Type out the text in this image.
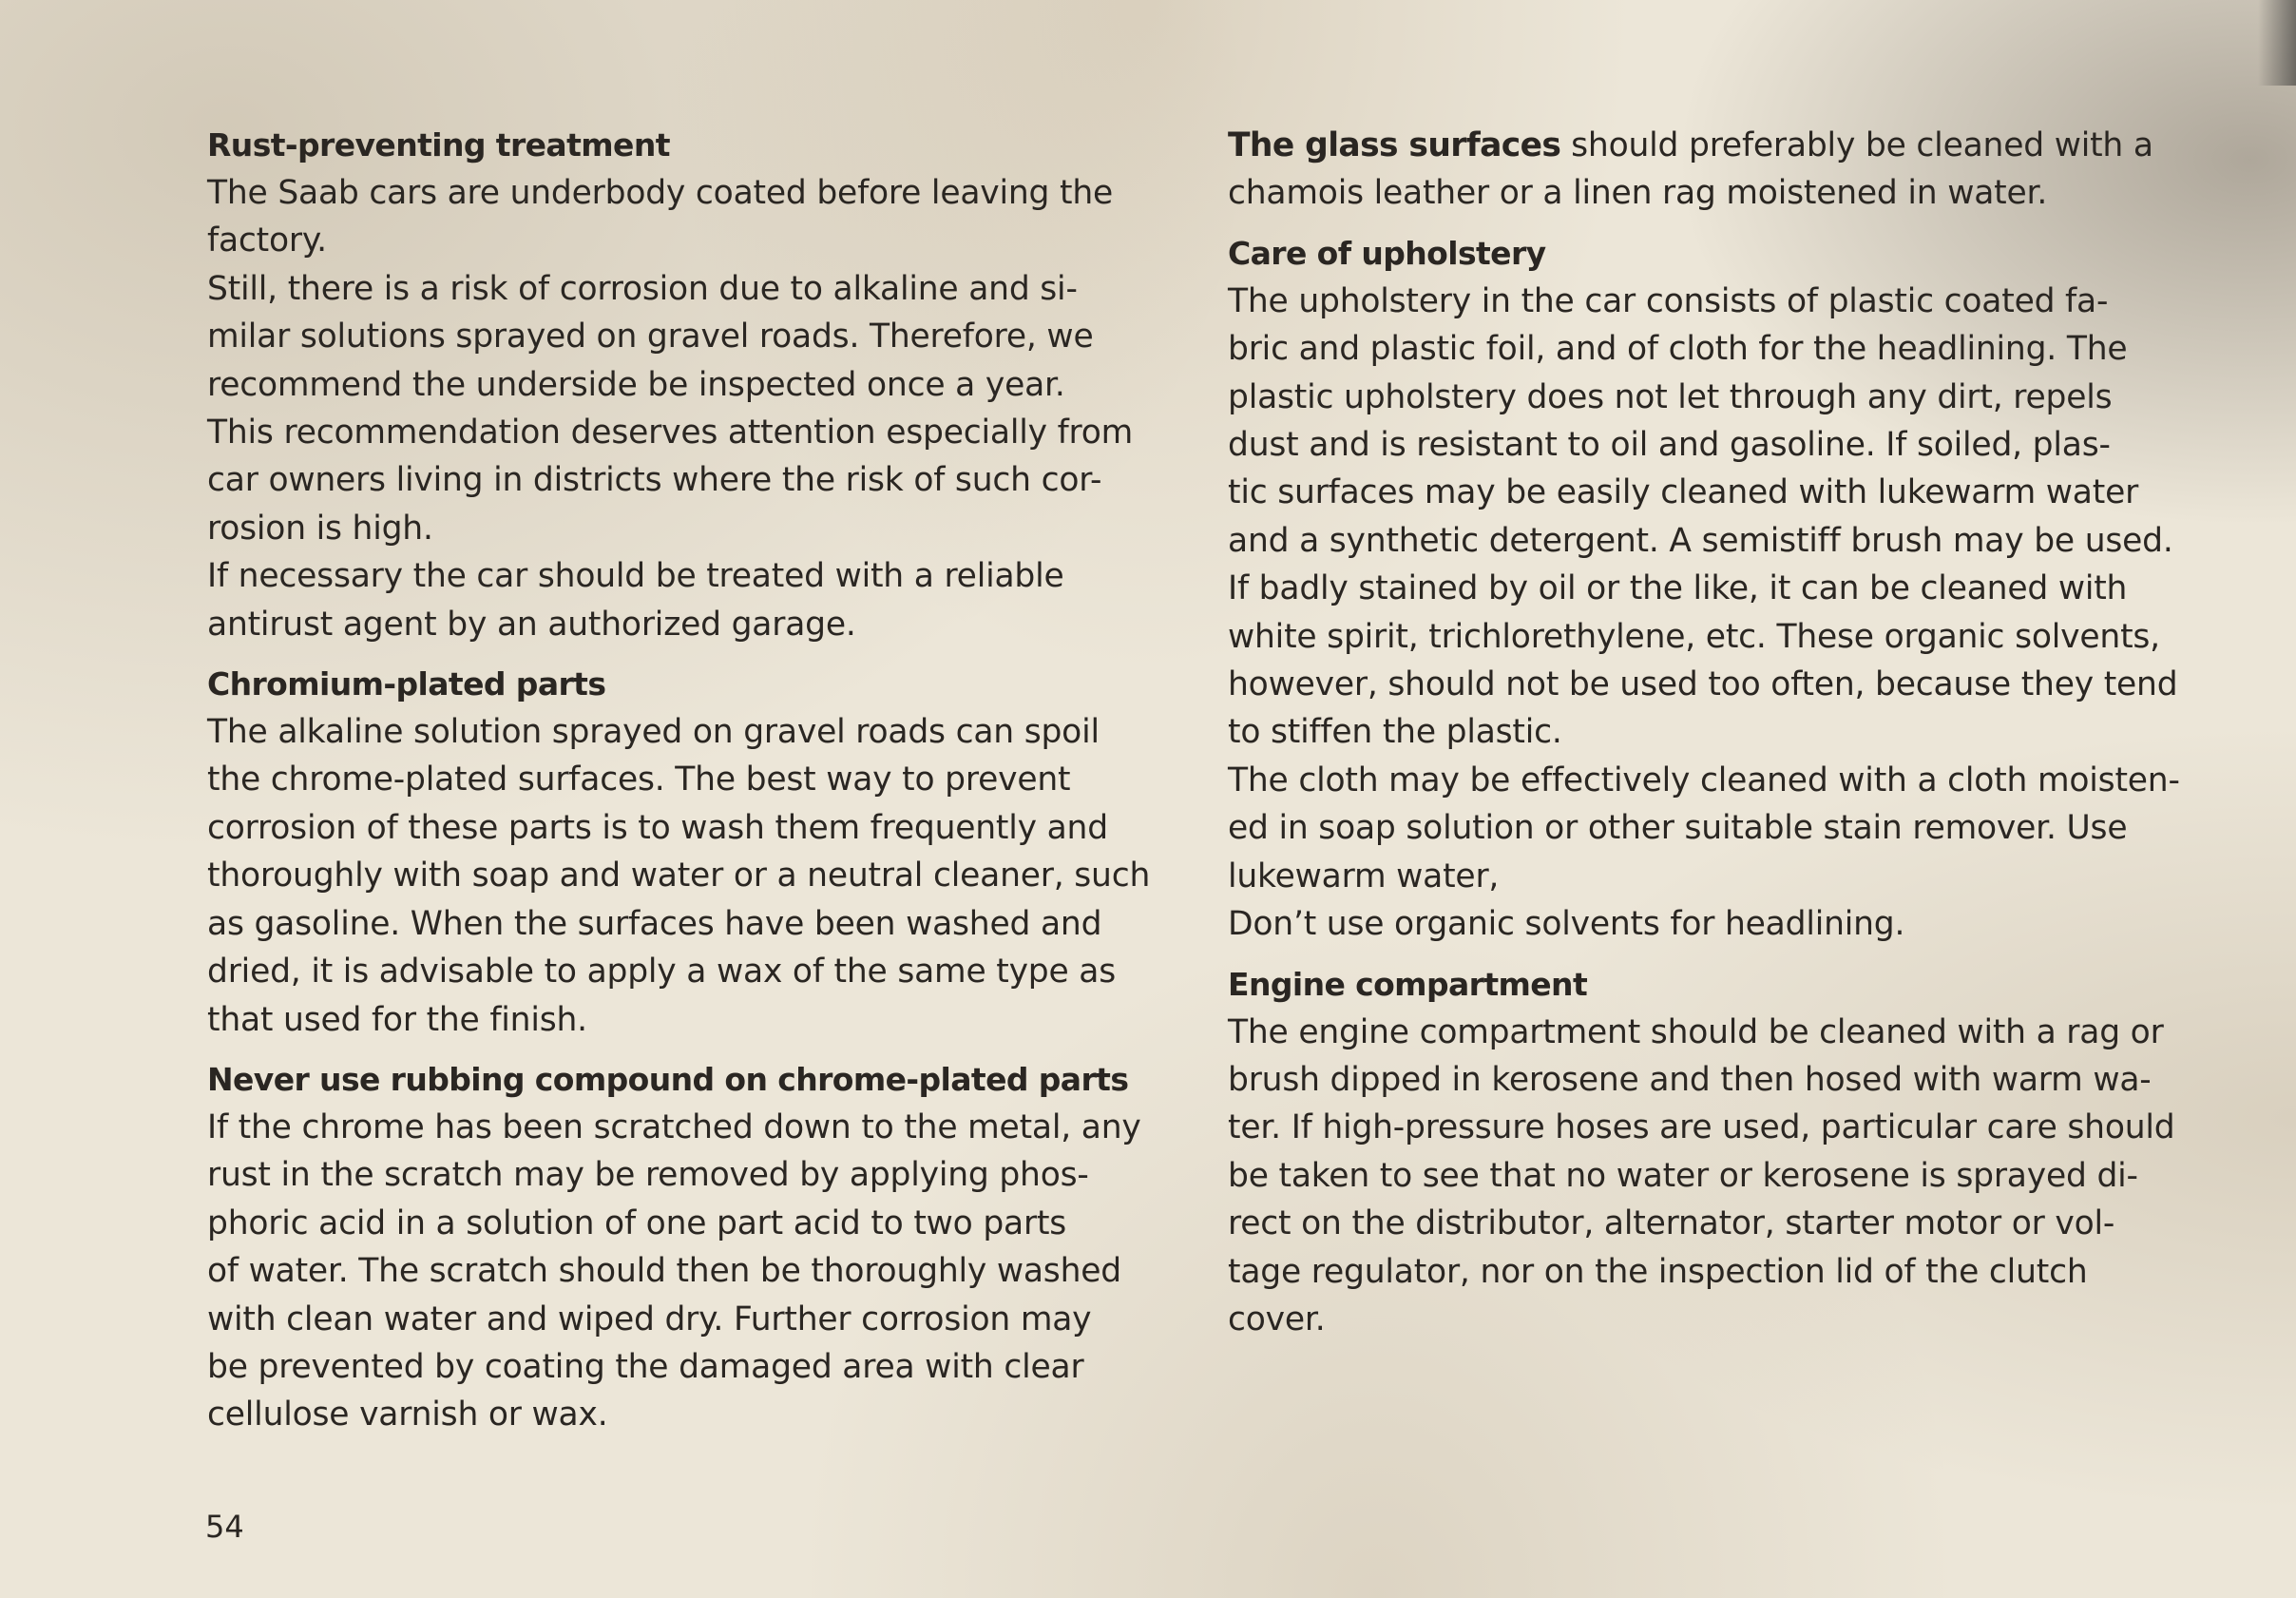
Rust-preventing treatment

The Saab cars are underbody coated before leaving the

factory.

Still, there is a risk of corrosion due to alkaline and si-

milar solutions sprayed on gravel roads. Therefore, we

recommend the underside be inspected once a year.

This recommendation deserves attention especially from

car owners living in districts where the risk of such cor-

rosion is high.

If necessary the car should be treated with a reliable

antirust agent by an authorized garage.

Chromium-plated parts

The alkaline solution sprayed on gravel roads can spoil

the chrome-plated surfaces. The best way to prevent

corrosion of these parts is to wash them frequently and

thoroughly with soap and water or a neutral cleaner, such

as gasoline. When the surfaces have been washed and

dried, it is advisable to apply a wax of the same type as

that used for the finish.

Never use rubbing compound on chrome-plated parts

If the chrome has been scratched down to the metal, any

rust in the scratch may be removed by applying phos-

phoric acid in a solution of one part acid to two parts

of water. The scratch should then be thoroughly washed

with clean water and wiped dry. Further corrosion may

be prevented by coating the damaged area with clear

cellulose varnish or wax.

The glass surfaces should preferably be cleaned with a

chamois leather or a linen rag moistened in water.

Care of upholstery

The upholstery in the car consists of plastic coated fa-

bric and plastic foil, and of cloth for the headlining. The

plastic upholstery does not let through any dirt, repels

dust and is resistant to oil and gasoline. If soiled, plas-

tic surfaces may be easily cleaned with lukewarm water

and a synthetic detergent. A semistiff brush may be used.

If badly stained by oil or the like, it can be cleaned with

white spirit, trichlorethylene, etc. These organic solvents,

however, should not be used too often, because they tend

to stiffen the plastic.

The cloth may be effectively cleaned with a cloth moisten-

ed in soap solution or other suitable stain remover. Use

lukewarm water,

Don’t use organic solvents for headlining.

Engine compartment

The engine compartment should be cleaned with a rag or

brush dipped in kerosene and then hosed with warm wa-

ter. If high-pressure hoses are used, particular care should

be taken to see that no water or kerosene is sprayed di-

rect on the distributor, alternator, starter motor or vol-

tage regulator, nor on the inspection lid of the clutch

cover.

54
